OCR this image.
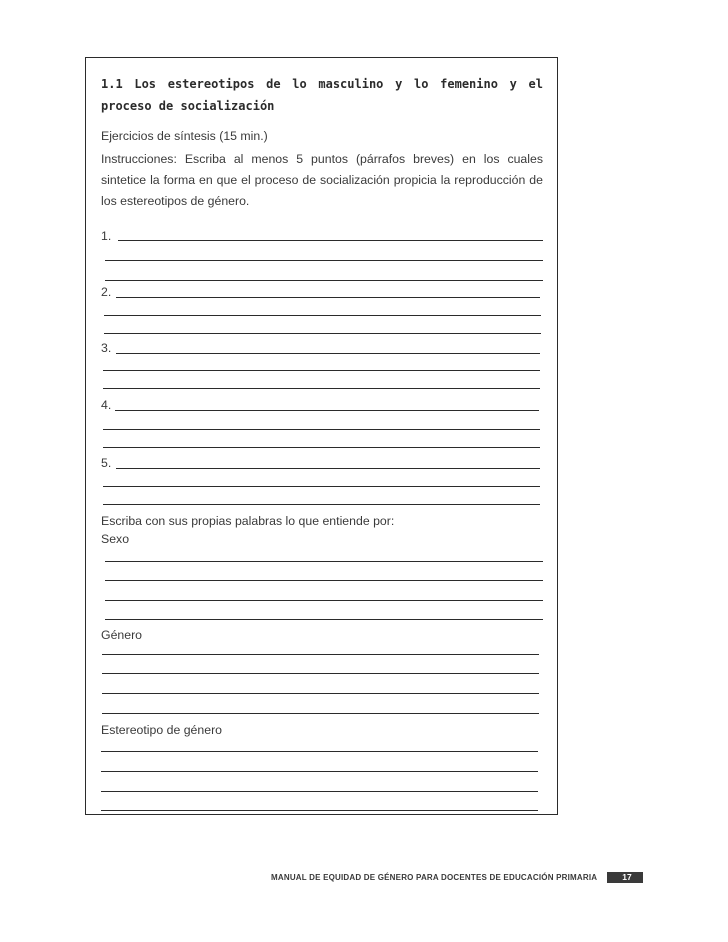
1.1 Los estereotipos de lo masculino y lo femenino y el proceso de socialización
Ejercicios de síntesis (15 min.)
Instrucciones: Escriba al menos 5 puntos (párrafos breves) en los cuales sintetice la forma en que el proceso de socialización propicia la reproducción de los estereotipos de género.
1.
2.
3.
4.
5.
Escriba con sus propias palabras lo que entiende por:
Sexo
Género
Estereotipo de género
MANUAL DE EQUIDAD DE GÉNERO PARA DOCENTES DE EDUCACIÓN PRIMARIA	17
